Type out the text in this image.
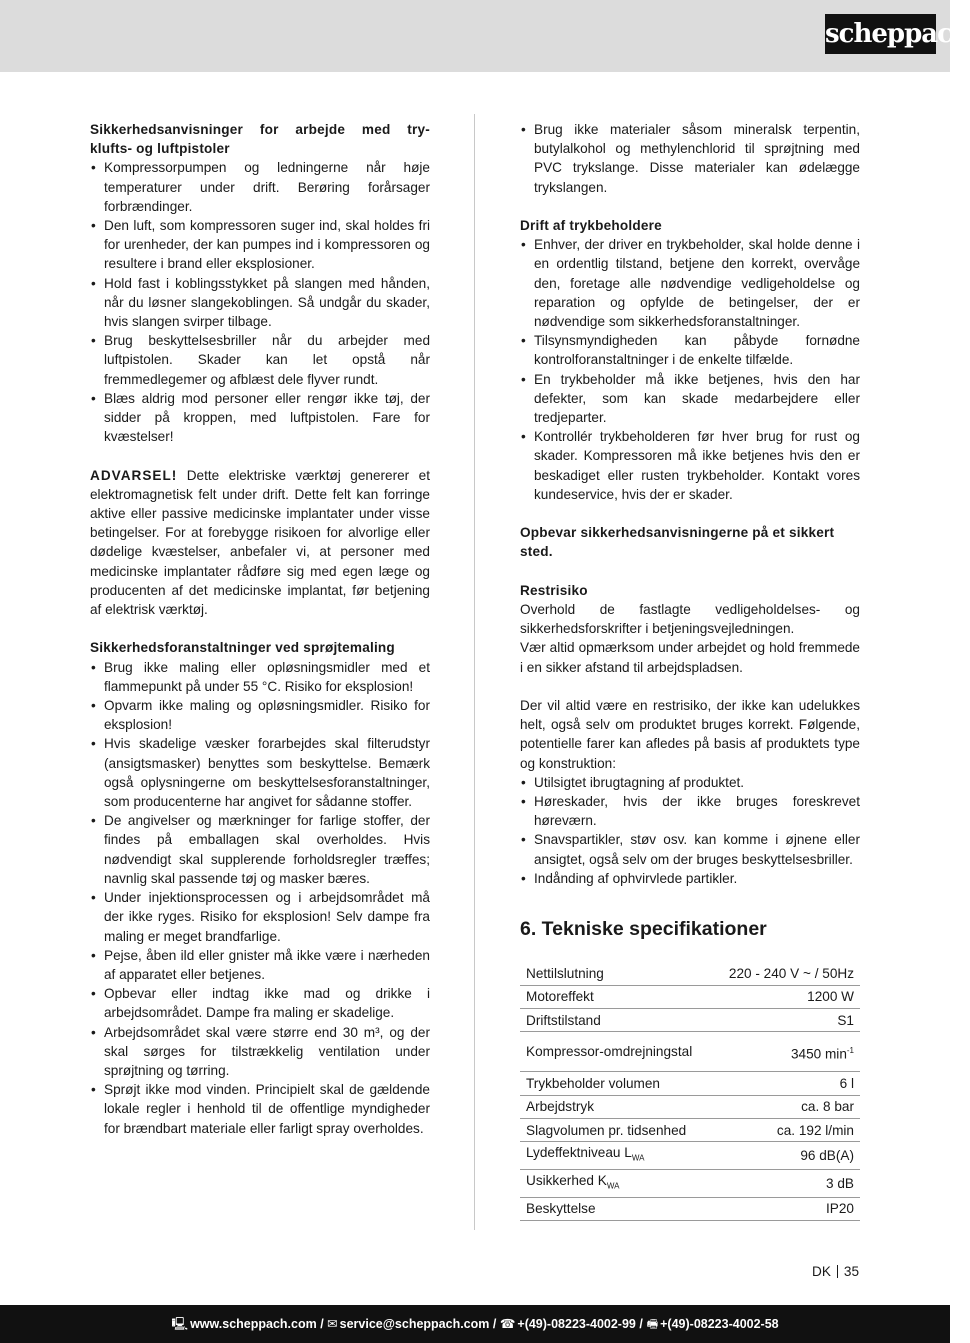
scheppach
Sikkerhedsanvisninger for arbejde med try-
klufts- og luftpistoler
• Kompressorpumpen og ledningerne når høje temperaturer under drift. Berøring forårsager forbrændinger.
• Den luft, som kompressoren suger ind, skal holdes fri for urenheder, der kan pumpes ind i kompressoren og resultere i brand eller eksplosioner.
• Hold fast i koblingsstykket på slangen med hånden, når du løsner slangekoblingen. Så undgår du skader, hvis slangen svirper tilbage.
• Brug beskyttelsesbriller når du arbejder med luftpistolen. Skader kan let opstå når fremmedlegemer og afblæst dele flyver rundt.
• Blæs aldrig mod personer eller rengør ikke tøj, der sidder på kroppen, med luftpistolen. Fare for kvæstelser!

ADVARSEL! Dette elektriske værktøj genererer et elektromagnetisk felt under drift. Dette felt kan forringe aktive eller passive medicinske implantater under visse betingelser. For at forebygge risikoen for alvorlige eller dødelige kvæstelser, anbefaler vi, at personer med medicinske implantater rådføre sig med egen læge og producenten af det medicinske implantat, før betjening af elektrisk værktøj.

Sikkerhedsforanstaltninger ved sprøjtemaling
• Brug ikke maling eller opløsningsmidler med et flammepunkt på under 55 °C. Risiko for eksplosion!
• Opvarm ikke maling og opløsningsmidler. Risiko for eksplosion!
• Hvis skadelige væsker forarbejdes skal filterudstyr (ansigtsmasker) benyttes som beskyttelse. Bemærk også oplysningerne om beskyttelsesforanstaltninger, som producenterne har angivet for sådanne stoffer.
• De angivelser og mærkninger for farlige stoffer, der findes på emballagen skal overholdes. Hvis nødvendigt skal supplerende forholdsregler træffes; navnlig skal passende tøj og masker bæres.
• Under injektionsprocessen og i arbejdsområdet må der ikke ryges. Risiko for eksplosion! Selv dampe fra maling er meget brandfarlige.
• Pejse, åben ild eller gnister må ikke være i nærheden af apparatet eller betjenes.
• Opbevar eller indtag ikke mad og drikke i arbejdsområdet. Dampe fra maling er skadelige.
• Arbejdsområdet skal være større end 30 m³, og der skal sørges for tilstrækkelig ventilation under sprøjtning og tørring.
• Sprøjt ikke mod vinden. Principielt skal de gældende lokale regler i henhold til de offentlige myndigheder for brændbart materiale eller farligt spray overholdes.
• Brug ikke materialer såsom mineralsk terpentin, butylalkohol og methylenchlorid til sprøjtning med PVC trykslange. Disse materialer kan ødelægge trykslangen.
Drift af trykbeholdere
• Enhver, der driver en trykbeholder, skal holde denne i en ordentlig tilstand, betjene den korrekt, overvåge den, foretage alle nødvendige vedligeholdelse og reparation og opfylde de betingelser, der er nødvendige som sikkerhedsforanstaltninger.
• Tilsynsmyndigheden kan påbyde fornødne kontrolforanstaltninger i de enkelte tilfælde.
• En trykbeholder må ikke betjenes, hvis den har defekter, som kan skade medarbejdere eller tredjeparter.
• Kontrollér trykbeholderen før hver brug for rust og skader. Kompressoren må ikke betjenes hvis den er beskadiget eller rusten trykbeholder. Kontakt vores kundeservice, hvis der er skader.
Opbevar sikkerhedsanvisningerne på et sikkert sted.
Restrisiko

Overhold de fastlagte vedligeholdelses- og sikkerhedsforskrifter i betjeningsvejledningen.

Vær altid opmærksom under arbejdet og hold fremmede i en sikker afstand til arbejdspladsen.

Der vil altid være en restrisiko, der ikke kan udelukkes helt, også selv om produktet bruges korrekt. Følgende, potentielle farer kan afledes på basis af produktets type og konstruktion:

• Utilsigtet ibrugtagning af produktet.
• Høreskader, hvis der ikke bruges foreskrevet høreværn.
• Snavspartikler, støv osv. kan komme i øjnene eller ansigtet, også selv om der bruges beskyttelsesbriller.
• Indånding af ophvirvlede partikler.
6. Tekniske specifikationer
Nettilslutning	220 - 240 V ~ / 50Hz
Motoreffekt	1200 W
Driftstilstand	S1
Kompressor-omdrejningstal	3450 $\min^{-1}$
Trykbeholder volumen	6 l
Arbejdstryk	ca. 8 bar
Slagvolumen pr. tidsenhed	ca. 192 l/min
Lydeffektniveau $L_{WA}$	96 dB(A)
Usikkerhed $K_{WA}$	3 dB
Beskyttelse	IP20
DK 35
🖳 www.scheppach.com / ✉ service@scheppach.com / ☎ +(49)-08223-4002-99 / 🖷 +(49)-08223-4002-58
